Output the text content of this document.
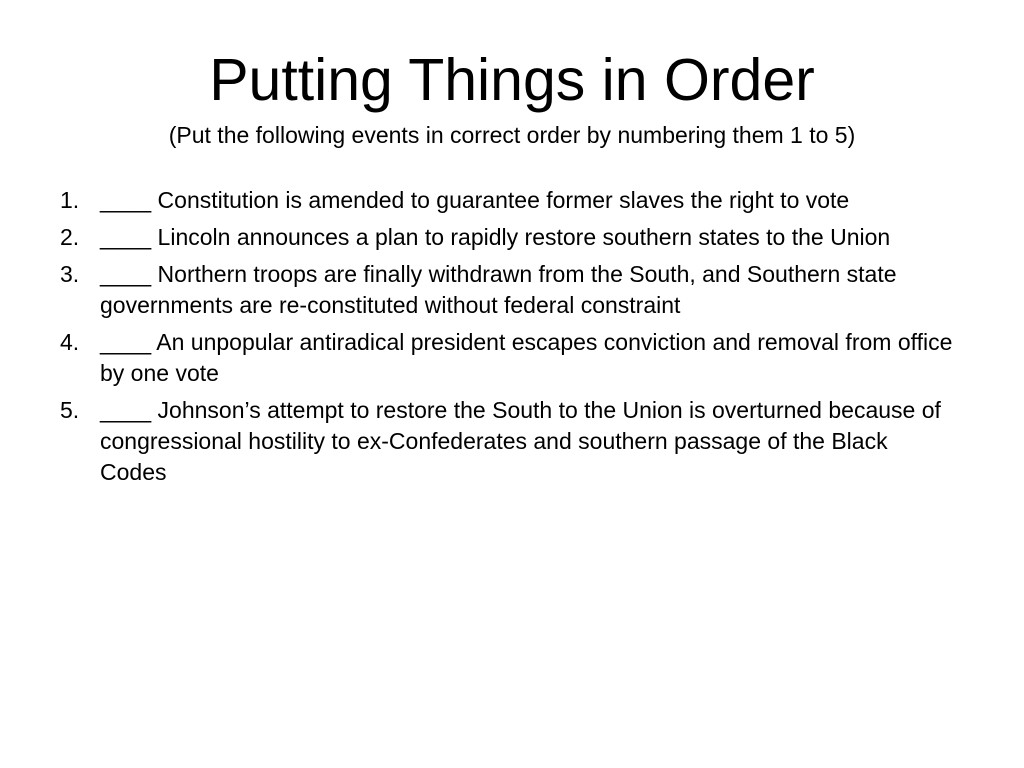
Putting Things in Order

(Put the following events in correct order by numbering them 1 to 5)

1. ____ Constitution is amended to guarantee former slaves the right to vote
2. ____ Lincoln announces a plan to rapidly restore southern states to the Union
3. ____ Northern troops are finally withdrawn from the South, and Southern state governments are re-constituted without federal constraint
4. ____ An unpopular antiradical president escapes conviction and removal from office by one vote
5. ____ Johnson’s attempt to restore the South to the Union is overturned because of congressional hostility to ex-Confederates and southern passage of the Black Codes
